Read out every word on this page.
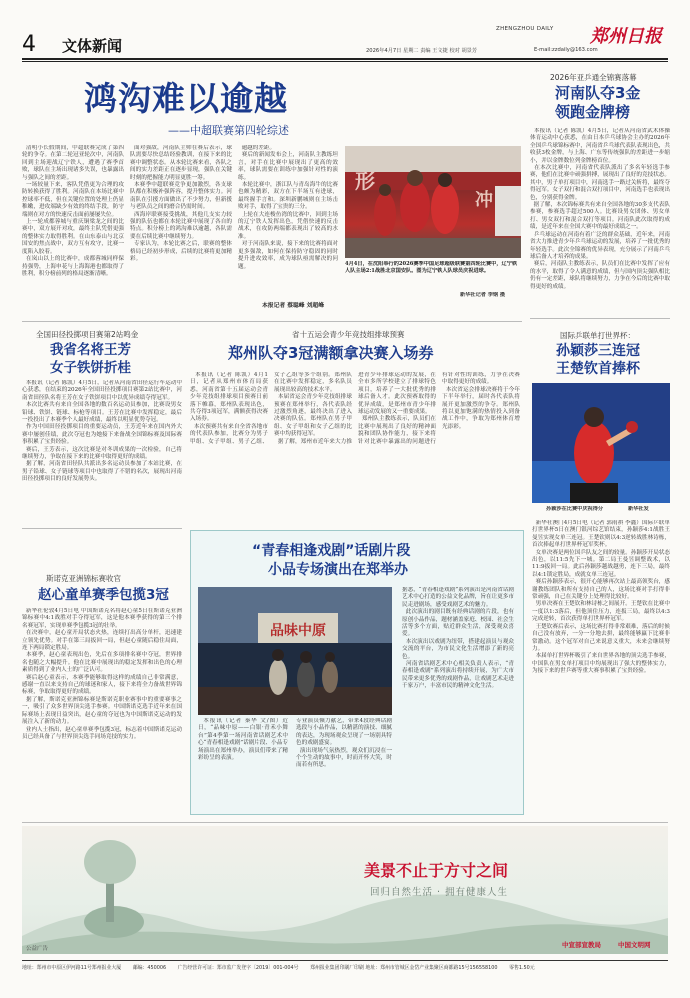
4 文体新闻
ZHENGZHOU DAILY
2026年4月7日 星期二 责编 王文捷 校对 胡景芳	E-mail:zzdaily@163.com
郑州日报
鸿沟难以逾越
——中超联赛第四轮综述
清明小长假期间，中超联赛完成了第四轮的争夺。在第二轮冠亚轮次中，河南队回到主场迎战辽宁铁人，遭遇了赛季首败，球队在主场出现诸多失误，也暴露出与强队之间的差距。
一场较量下来，客队凭借更为合理的攻防转换获得了胜利。河南队在本场比赛中控球率不低，但在关键位置的处理上仍显稚嫩，进攻端缺少有效的终结手段，防守端则在对方的快速反击面前屡屡失位。
上一轮成都蓉城与重庆铜梁龙之间的比赛中，双方展开对攻，最终主队凭借更强的整体实力取得胜利。在山东泰山与北京国安的焦点战中，双方互有攻守，比赛一度陷入胶着。
在岚山以上的比赛中，成都蓉城同样保持强势，上海申花与上海海港也都取得了胜利，积分榜前列的格局逐渐清晰。
面对强敌，河南队主帅在赛后表示，球队需要尽快总结经验教训，在接下来的比赛中调整状态。从本轮比赛来看，各队之间的实力差距正在逐步显现，强队在关键时刻的把握能力明显更胜一筹。
本赛季中超联赛竞争更加激烈，各支球队都在积极补强阵容，提升整体实力。河南队在引援方面做出了不少努力，但新援与老队员之间的磨合仍需时间。
西海岸联赛接受挑战，其他几支实力较强的队伍也都在本轮比赛中展现了各自的特点。积分榜上的鸿沟难以逾越，各队需要在后续比赛中继续努力。
专家认为，本轮比赛之后，联赛的整体格局已经初步形成，后续的比赛将更加精彩。
逾越的差距。
赛后的新闻发布会上，河南队主教练坦言，对手在比赛中展现出了更高的效率，球队需要在训练中加强针对性的演练。
本轮比赛中，浙江队与青岛海牛的比赛也颇为精彩，双方在下半场互有进球，最终握手言和。深圳新鹏城则在主场击败对手，取得了宝贵的三分。
上轮在大连梭鱼湾的比赛中，回到主场的辽宁铁人发挥出色，凭借快速的反击战术，在攻防两端都表现出了较高的水准。
对于河南队来说，接下来的比赛将面对更多强敌，如何在保持防守稳固的同时提升进攻效率，成为球队亟需解决的问题。
本报记者 蔡聪峰 刘超峰
形
冲
4月4日，在沈阳举行的2026赛季中国足球超级联赛第四轮比赛中，辽宁铁人队主场2:1战胜北京国安队。图为辽宁铁人队球员庆祝进球。
新华社记者 李钢 摄
2026年亚乒通全锦赛落幕
河南队夺3金
领跑金牌榜
本报讯（记者 陈凯）4月5日，记者从河南省武术体操体育运动中心获悉，在由日本乒乓球协会主办的2026年全国乒乓球锦标赛中，河南省乒乓球代表队表现出色，共收获3枚金牌，与上海、广东等传统强队的差距进一步缩小，并以金牌数位列金牌榜首位。
在本次比赛中，河南省代表队派出了多名年轻选手参赛，他们在比赛中顽强拼搏，展现出了良好的竞技状态。其中，男子单打项目中，河南选手一路过关斩将，最终夺得冠军。女子双打和混合双打项目中，河南选手也表现出色，分别获得金牌。
据了解，本次锦标赛共有来自全国各地的30多支代表队参赛，参赛选手超过500人。比赛设男女团体、男女单打、男女双打和混合双打等项目。河南队此次取得的成绩，是近年来在全国大赛中的最好成绩之一。
乒乓球运动在河南有着广泛的群众基础，近年来，河南省大力推进青少年乒乓球运动的发展，培养了一批优秀的年轻选手。此次全锦赛的优异表现，充分展示了河南乒乓球后备人才培养的成果。
赛后，河南队主教练表示，队员们在比赛中发挥了应有的水平，取得了令人满意的成绩，但与国内顶尖强队相比仍有一定差距，球队将继续努力，力争在今后的比赛中取得更好的成绩。
全国田径投掷项目赛第2站鸣金
我省名将王芳
女子铁饼折桂
本报讯（记者 陈凯）4月5日，记者从河南省田径运行车运动中心获悉，在结束的2026年全国田径投掷项目赛第2站比赛中，河南省田径队名将王芳在女子铁饼项目中以优异成绩夺得冠军。
本次比赛共有来自全国各地的数百名运动员参加，比赛设男女铅球、铁饼、链球、标枪等项目。王芳在比赛中发挥稳定，最后一投投出了本赛季个人最好成绩，最终以明显优势夺冠。
作为中国田径投掷项目的重要运动员，王芳近年来在国内外大赛中屡创佳绩，此次夺冠也为她接下来备战全国锦标赛及国际赛事积累了宝贵经验。
赛后，王芳表示，这次比赛是对冬训成果的一次检验，自己将继续努力，争取在接下来的比赛中取得更好的成绩。
据了解，河南省田径队共派出多名运动员参加了本站比赛，在男子铅球、女子链球等项目中也取得了不错的名次，展现出河南田径投掷项目的良好发展势头。
省十五运会青少年竞技组排球预赛
郑州队夺3冠满额拿决赛入场券
本报讯（记者 陈凯）4月1日，记者从郑州市体育局获悉，河南省第十五届运动会青少年竞技组排球项目预赛日前落下帷幕，郑州队表现出色，共夺得3项冠军，满额获得决赛入场券。
本次预赛共有来自全省各地市的代表队参加，比赛分为男子甲组、女子甲组、男子乙组、女子乙组等多个组别。郑州队在比赛中发挥稳定，多名队员展现出较高的技术水平。
本届省运会青少年竞技组排球预赛在郑州举行，各代表队经过激烈角逐，最终决出了进入决赛的队伍。郑州队在男子甲组、女子甲组和女子乙组的比赛中均获得冠军。
据了解，郑州市近年来大力推进青少年排球运动的发展，在全市多所学校建立了排球特色项目，培养了一大批优秀的排球后备人才。此次预赛取得的优异成绩，是郑州市青少年排球运动发展的又一重要成果。
郑州队主教练表示，队员们在比赛中展现出了良好的精神面貌和团队协作能力，接下来将针对比赛中暴露出的问题进行有针对性的训练，力争在决赛中取得更好的成绩。
本次省运会排球决赛将于今年下半年举行，届时各代表队将展开更加激烈的争夺。郑州队将以更加饱满的热情投入到备战工作中，争取为郑州体育增光添彩。
国际乒联单打世界杯：
孙颖莎三连冠
王楚钦首捧杯
孙颖莎在比赛中庆祝得分	新华社发
新华社澳门4月5日电（记者 郭雨祺 李鑫）国际乒联单打世界杯5日在澳门银河综艺馆结束，孙颖莎4:1战胜王曼昱实现女单三连冠。王楚钦则以4:3逆转战胜林诗栋，首次捧起单打世界杯冠军奖杯。
女单决赛是两位国乒队友之间的较量。孙颖莎开局状态出色，以11:5先下一城。第二局王曼昱调整战术，以11:9扳回一局。此后孙颖莎越战越勇，连下三局，最终以4:1锁定胜局，成就女单三连冠。
赛后孙颖莎表示，很开心能够再次站上最高领奖台，感谢教练团队和所有支持自己的人，这场比赛对手打得非常顽强，自己在关键分上处理得比较好。
男单决赛在王楚钦和林诗栋之间展开。王楚钦在比赛中一度以1:3落后，但他顶住压力，连扳三局，最终以4:3完成逆转，首次获得单打世界杯冠军。
王楚钦赛后表示，这场比赛打得非常艰难，落后的时候自己没有放弃，一分一分地去拼，最终能够赢下比赛非常激动。这个冠军对自己来说意义重大，未来会继续努力。
本届单打世界杯吸引了来自世界各地的顶尖选手参赛，中国队在男女单打项目中均展现出了强大的整体实力，为接下来的世乒赛等重大赛事积累了宝贵经验。
“青春相逢戏剧”话剧片段
小品专场演出在郑举办
品味中原
本报讯（记者 秦华 文/图）近日，“品味中原——白银·青禾小舞台”第4季第一场河南省话剧艺术中心“青春相逢戏剧”话剧片段、小品专场演出在郑州举办，演员们带来了精彩纷呈的表演。
专业演员倾力献艺，带来4段经典话剧选段与小品作品，以精湛的演技、细腻的表达，为现场观众呈现了一场别具特色的戏剧盛宴。
演出现场气氛热烈，观众们沉浸在一个个生动的故事中，时而开怀大笑，时而若有所思。
据悉，“青春相逢戏剧”系列演出是河南省话剧艺术中心打造的公益文化品牌，旨在让更多市民走进剧场，感受戏剧艺术的魅力。
此次演出的剧目既有经典话剧的片段，也有原创小品作品，题材涵盖家庭、校园、社会生活等多个方面，贴近群众生活，深受观众喜爱。
本次演出以戏剧为纽带，搭建起演员与观众交流的平台，为市民文化生活增添了新的亮色。
河南省话剧艺术中心相关负责人表示，“青春相逢戏剧”系列演出将持续开展，为广大市民带来更多优秀的戏剧作品，让戏剧艺术走进千家万户，丰富市民的精神文化生活。
斯诺克亚洲锦标赛收官
赵心童单赛季包揽3冠
新华社伦敦4月5日电 中国斯诺克名将赵心童5日在斯诺克亚洲锦标赛中4:1战胜对手夺得冠军，这是他本赛季获得的第三个排名赛冠军，实现单赛季包揽3冠的壮举。
在决赛中，赵心童开局状态火热，连续打出高分单杆，迅速建立领先优势。对手在第三局扳回一局，但赵心童随后稳住局面，连下两局锁定胜局。
本赛季，赵心童表现出色，先后在多项排名赛中夺冠，世界排名也随之大幅提升。他在比赛中展现出的稳定发挥和出色的心理素质得到了业内人士的广泛认可。
赛后赵心童表示，本赛季能够取得这样的成绩自己非常满意，感谢一直以来支持自己的球迷和家人，接下来将全力备战世界锦标赛，争取取得更好的成绩。
据了解，斯诺克亚洲锦标赛是斯诺克职业赛事中的重要赛事之一，吸引了众多世界顶尖选手参赛。中国斯诺克选手近年来在国际赛场上表现日益突出，赵心童的夺冠也为中国斯诺克运动的发展注入了新的动力。
业内人士指出，赵心童单赛季包揽3冠，标志着中国斯诺克运动员已经具备了与世界顶尖选手同场竞技的实力。
美景不止于方寸之间
回归自然生活 · 拥有健康人生
公益广告	中宣部宣教局	中国文明网
地址：郑州市中原区伊河路11号郑州报业大厦 邮编：450006 广告经营许可证：郑市监广发登字〔2019〕001-004号 郑州报业集团印刷厂印刷 地址：郑州市管城区金岱产业集聚区商都路15号156558100 零售1.50元
